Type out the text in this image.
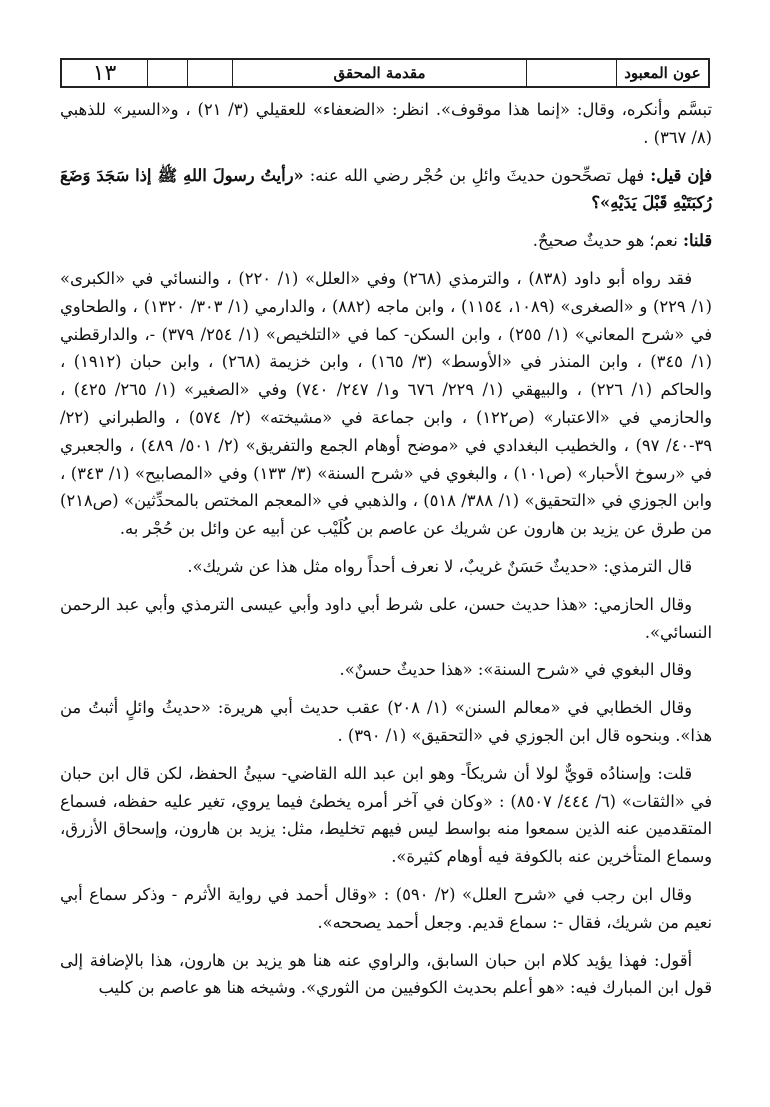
عون المعبود
مقدمة المحقق
١٣

تبسَّم وأنكره، وقال: «إنما هذا موقوف». انظر: «الضعفاء» للعقيلي (٣/ ٢١) ، و«السير» للذهبي (٨/ ٣٦٧) .

فإن قيل: فهل تصحِّحون حديثَ وائلِ بن حُجْر رضي الله عنه: «رأيتُ رسولَ اللهِ ﷺ إذا سَجَدَ وَضَعَ رُكبَتَيْهِ قَبْلَ يَدَيْهِ»؟

قلنا: نعم؛ هو حديثٌ صحيحٌ.

فقد رواه أبو داود (٨٣٨) ، والترمذي (٢٦٨) وفي «العلل» (١/ ٢٢٠) ، والنسائي في «الكبرى» (١/ ٢٢٩) و «الصغرى» (١٠٨٩، ١١٥٤) ، وابن ماجه (٨٨٢) ، والدارمي (١/ ٣٠٣/ ١٣٢٠) ، والطحاوي في «شرح المعاني» (١/ ٢٥٥) ، وابن السكن- كما في «التلخيص» (١/ ٢٥٤/ ٣٧٩) -، والدارقطني (١/ ٣٤٥) ، وابن المنذر في «الأوسط» (٣/ ١٦٥) ، وابن خزيمة (٢٦٨) ، وابن حبان (١٩١٢) ، والحاكم (١/ ٢٢٦) ، والبيهقي (١/ ٢٢٩/ ٦٧٦ و١/ ٢٤٧/ ٧٤٠) وفي «الصغير» (١/ ٢٦٥/ ٤٢٥) ، والحازمي في «الاعتبار» (ص١٢٢) ، وابن جماعة في «مشيخته» (٢/ ٥٧٤) ، والطبراني (٢٢/ ٣٩-٤٠/ ٩٧) ، والخطيب البغدادي في «موضح أوهام الجمع والتفريق» (٢/ ٥٠١/ ٤٨٩) ، والجعبري في «رسوخ الأحبار» (ص١٠١) ، والبغوي في «شرح السنة» (٣/ ١٣٣) وفي «المصابيح» (١/ ٣٤٣) ، وابن الجوزي في «التحقيق» (١/ ٣٨٨/ ٥١٨) ، والذهبي في «المعجم المختص بالمحدِّثين» (ص٢١٨) من طرق عن يزيد بن هارون عن شريك عن عاصم بن كُلَيْب عن أبيه عن وائل بن حُجْر به.

قال الترمذي: «حديثٌ حَسَنٌ غريبٌ، لا نعرف أحداً رواه مثل هذا عن شريك».

وقال الحازمي: «هذا حديث حسن، على شرط أبي داود وأبي عيسى الترمذي وأبي عبد الرحمن النسائي».

وقال البغوي في «شرح السنة»: «هذا حديثٌ حسنٌ».

وقال الخطابي في «معالم السنن» (١/ ٢٠٨) عقب حديث أبي هريرة: «حديثُ وائلٍ أثبتُ من هذا». وبنحوه قال ابن الجوزي في «التحقيق» (١/ ٣٩٠) .

قلت: وإسنادُه قويٌّ لولا أن شريكاً- وهو ابن عبد الله القاضي- سيئُ الحفظ، لكن قال ابن حبان في «الثقات» (٦/ ٤٤٤/ ٨٥٠٧) : «وكان في آخر أمره يخطئ فيما يروي، تغير عليه حفظه، فسماع المتقدمين عنه الذين سمعوا منه بواسط ليس فيهم تخليط، مثل: يزيد بن هارون، وإسحاق الأزرق، وسماع المتأخرين عنه بالكوفة فيه أوهام كثيرة».

وقال ابن رجب في «شرح العلل» (٢/ ٥٩٠) : «وقال أحمد في رواية الأثرم - وذكر سماع أبي نعيم من شريك، فقال -: سماع قديم. وجعل أحمد يصححه».

أقول: فهذا يؤيد كلام ابن حبان السابق، والراوي عنه هنا هو يزيد بن هارون، هذا بالإضافة إلى قول ابن المبارك فيه: «هو أعلم بحديث الكوفيين من الثوري». وشيخه هنا هو عاصم بن كليب
